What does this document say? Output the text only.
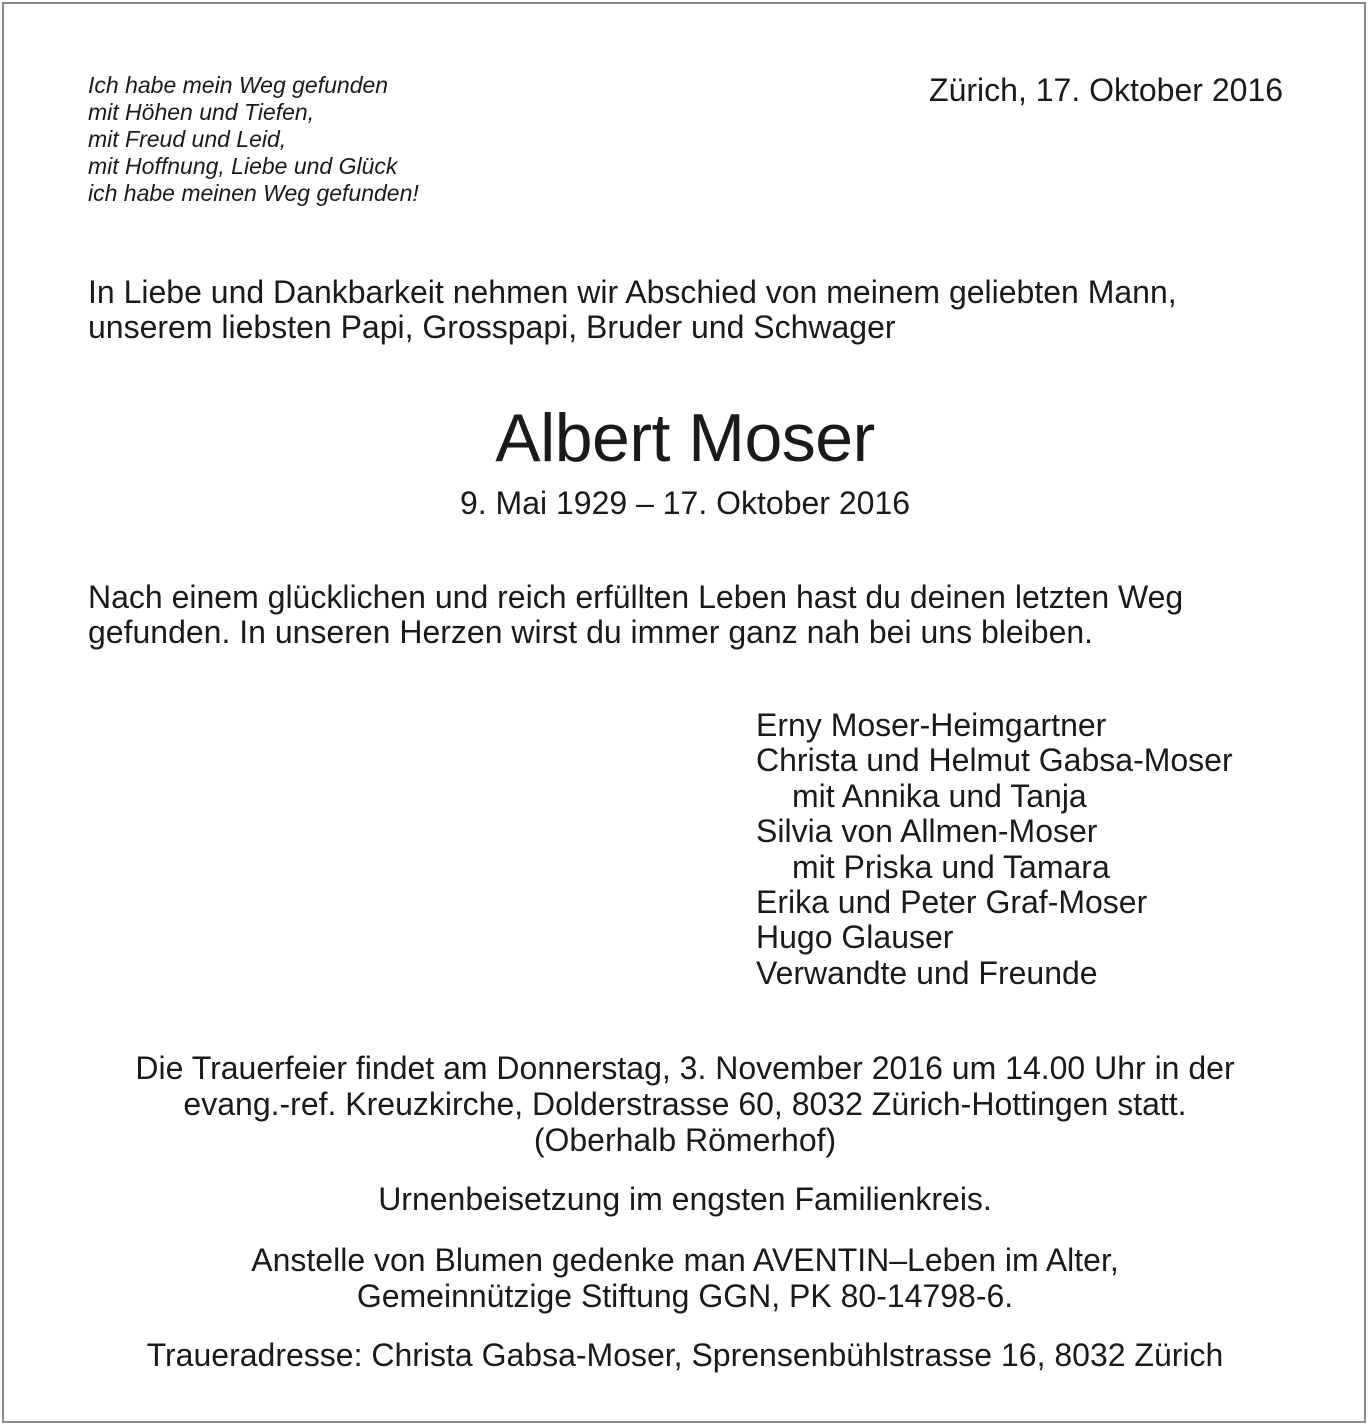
Ich habe mein Weg gefunden
mit Höhen und Tiefen,
mit Freud und Leid,
mit Hoffnung, Liebe und Glück
ich habe meinen Weg gefunden!
Zürich, 17. Oktober 2016
In Liebe und Dankbarkeit nehmen wir Abschied von meinem geliebten Mann,
unserem liebsten Papi, Grosspapi, Bruder und Schwager
Albert Moser
9. Mai 1929 – 17. Oktober 2016
Nach einem glücklichen und reich erfüllten Leben hast du deinen letzten Weg
gefunden. In unseren Herzen wirst du immer ganz nah bei uns bleiben.
Erny Moser-Heimgartner
Christa und Helmut Gabsa-Moser
mit Annika und Tanja
Silvia von Allmen-Moser
mit Priska und Tamara
Erika und Peter Graf-Moser
Hugo Glauser
Verwandte und Freunde
Die Trauerfeier findet am Donnerstag, 3. November 2016 um 14.00 Uhr in der
evang.-ref. Kreuzkirche, Dolderstrasse 60, 8032 Zürich-Hottingen statt.
(Oberhalb Römerhof)
Urnenbeisetzung im engsten Familienkreis.
Anstelle von Blumen gedenke man AVENTIN–Leben im Alter,
Gemeinnützige Stiftung GGN, PK 80-14798-6.
Traueradresse: Christa Gabsa-Moser, Sprensenbühlstrasse 16, 8032 Zürich
